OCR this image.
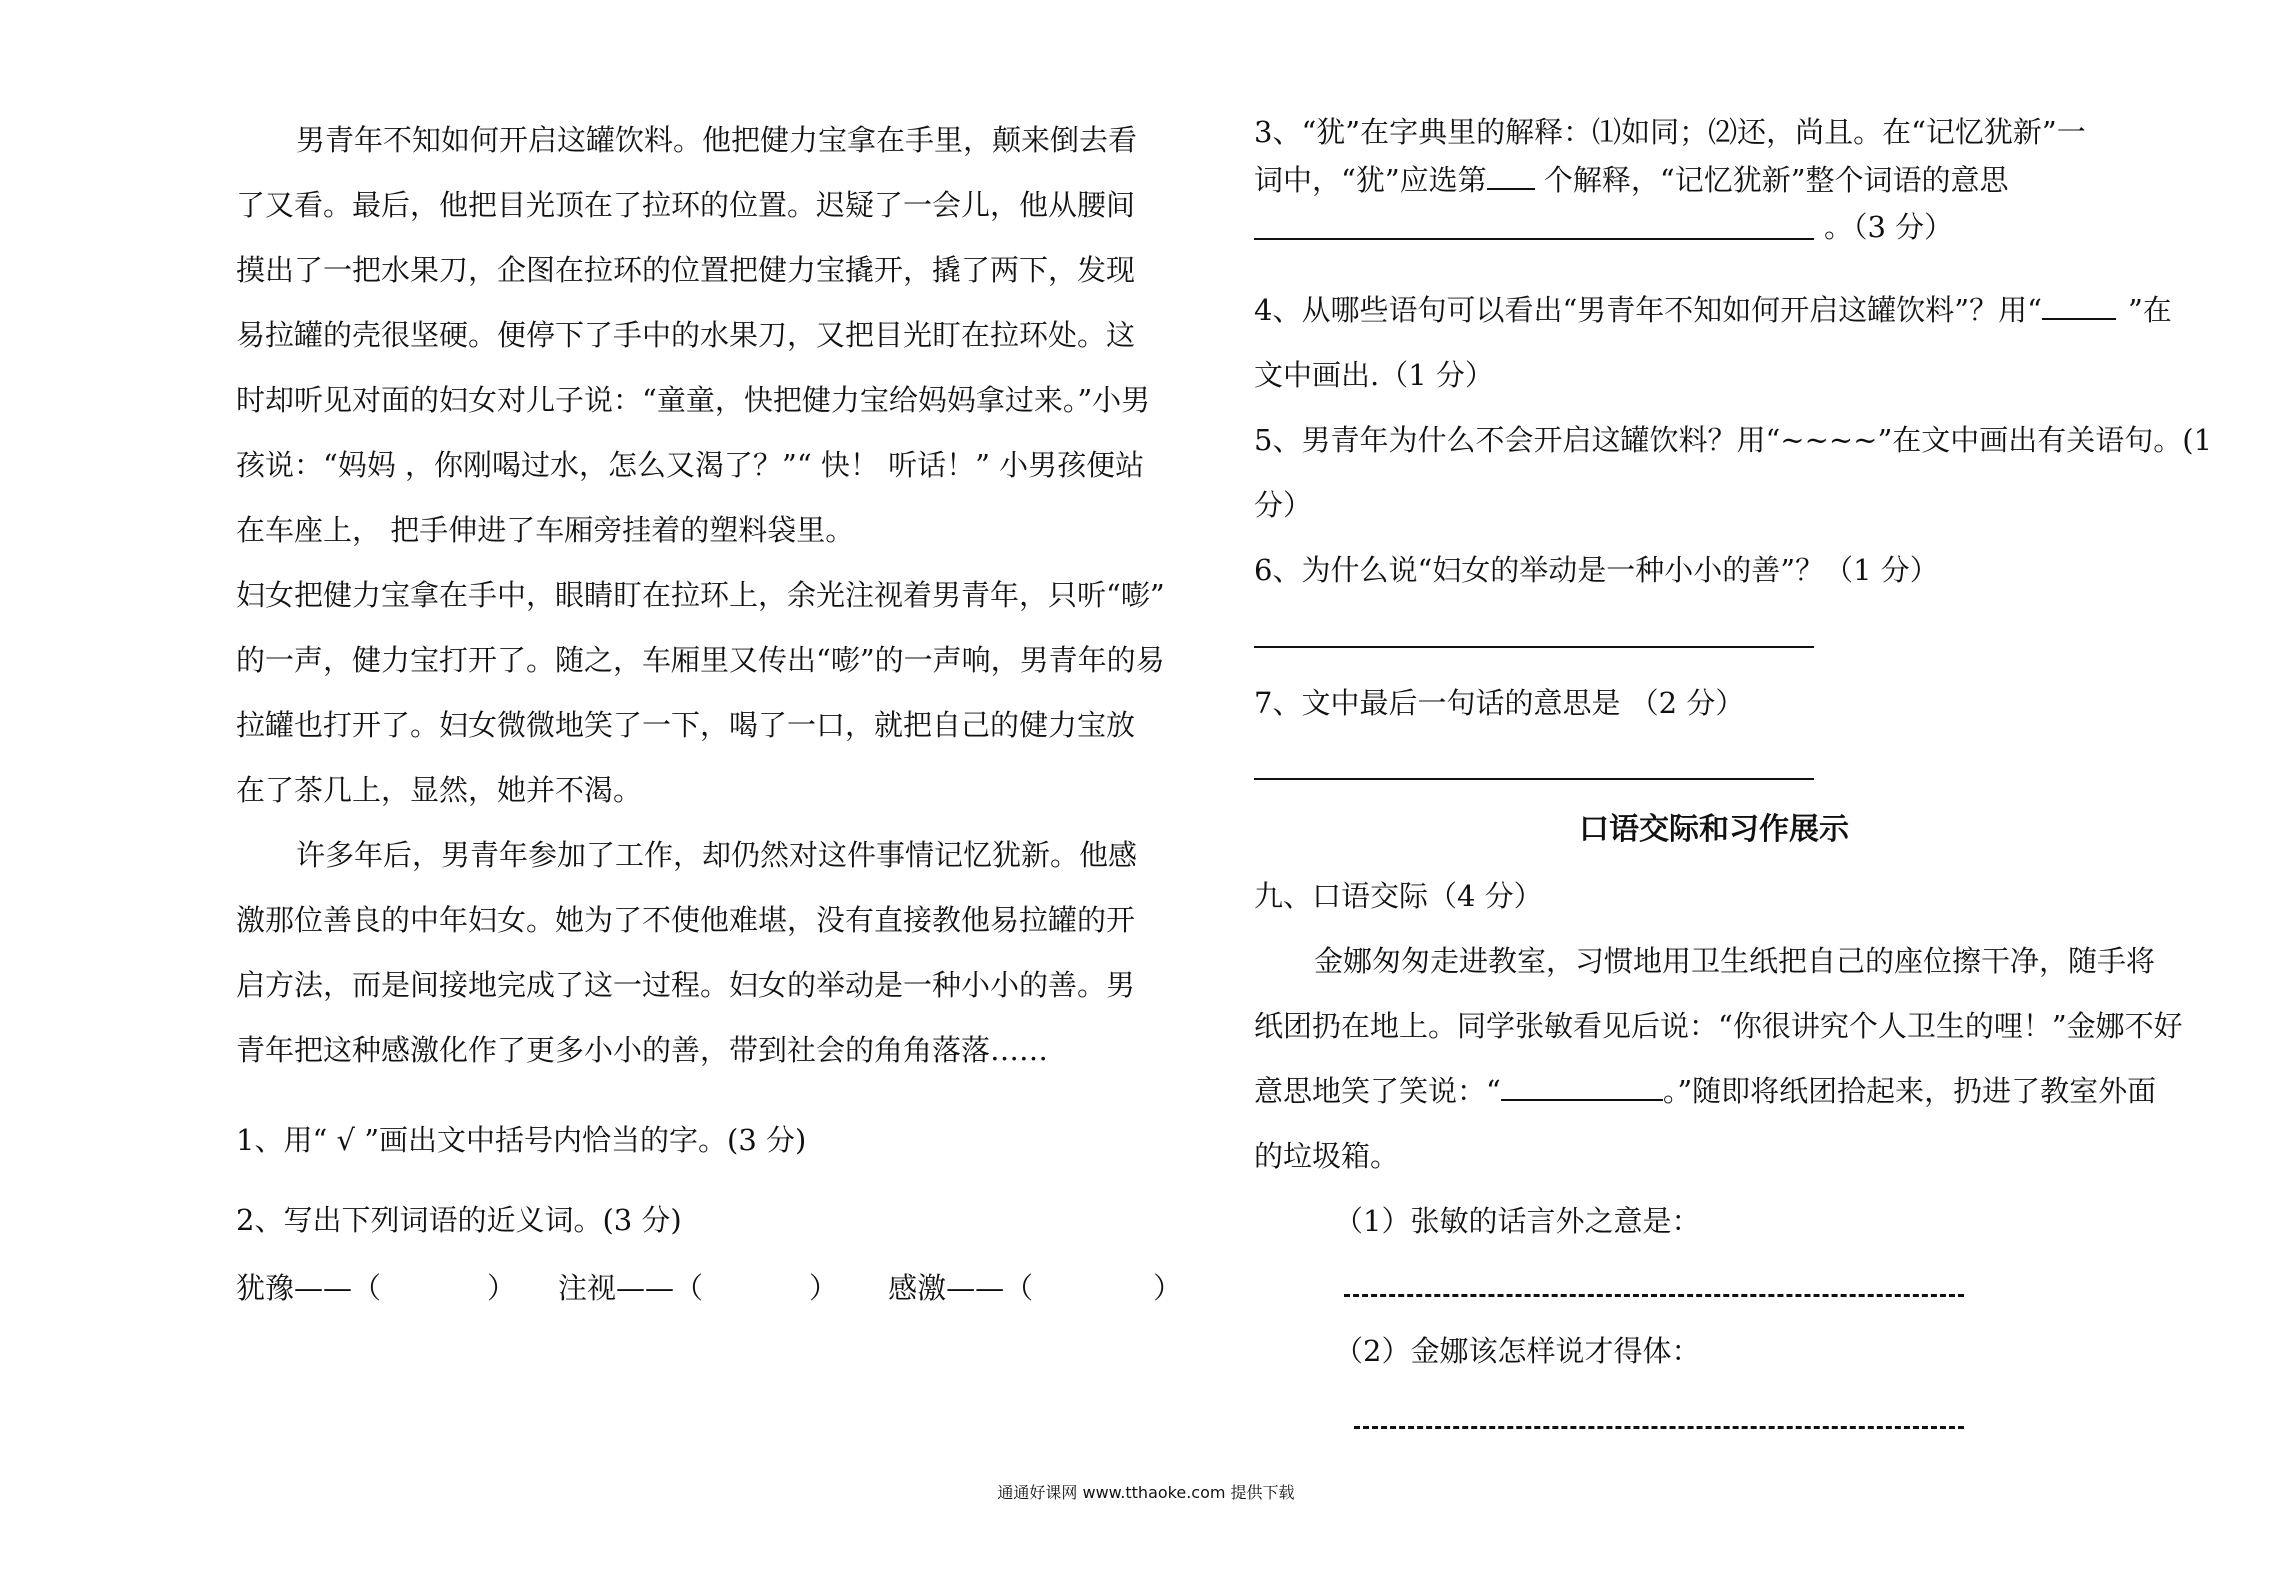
男青年不知如何开启这罐饮料。他把健力宝拿在手里，颠来倒去看
了又看。最后，他把目光顶在了拉环的位置。迟疑了一会儿，他从腰间
摸出了一把水果刀，企图在拉环的位置把健力宝撬开，撬了两下，发现
易拉罐的壳很坚硬。便停下了手中的水果刀，又把目光盯在拉环处。这
时却听见对面的妇女对儿子说：“童童，快把健力宝给妈妈拿过来。”小男
孩说：“妈妈 ，你刚喝过水，怎么又渴了？”“ 快！ 听话！” 小男孩便站
在车座上， 把手伸进了车厢旁挂着的塑料袋里。
妇女把健力宝拿在手中，眼睛盯在拉环上，余光注视着男青年，只听“嘭”
的一声，健力宝打开了。随之，车厢里又传出“嘭”的一声响，男青年的易
拉罐也打开了。妇女微微地笑了一下，喝了一口，就把自己的健力宝放
在了茶几上，显然，她并不渴。
许多年后，男青年参加了工作，却仍然对这件事情记忆犹新。他感
激那位善良的中年妇女。她为了不使他难堪，没有直接教他易拉罐的开
启方法，而是间接地完成了这一过程。妇女的举动是一种小小的善。男
青年把这种感激化作了更多小小的善，带到社会的角角落落……
1、用“ √ ”画出文中括号内恰当的字。(3 分)
2、写出下列词语的近义词。(3 分)
犹豫——（	） 注视——（	） 感激——（	）
3、“犹”在字典里的解释：⑴如同；⑵还，尚且。在“记忆犹新”一
词中，“犹”应选第 个解释，“记忆犹新”整个词语的意思
。（3 分）
4、从哪些语句可以看出“男青年不知如何开启这罐饮料”？用“	”在
文中画出.（1 分）
5、男青年为什么不会开启这罐饮料？用“~~~~”在文中画出有关语句。(1
分）
6、为什么说“妇女的举动是一种小小的善”？（1 分）
7、文中最后一句话的意思是 （2 分）
口语交际和习作展示
九、口语交际（4 分）
金娜匆匆走进教室，习惯地用卫生纸把自己的座位擦干净，随手将
纸团扔在地上。同学张敏看见后说：“你很讲究个人卫生的哩！”金娜不好
意思地笑了笑说：“	。”随即将纸团拾起来，扔进了教室外面
的垃圾箱。
（1）张敏的话言外之意是：
（2）金娜该怎样说才得体：
通通好课网 www.tthaoke.com 提供下载
